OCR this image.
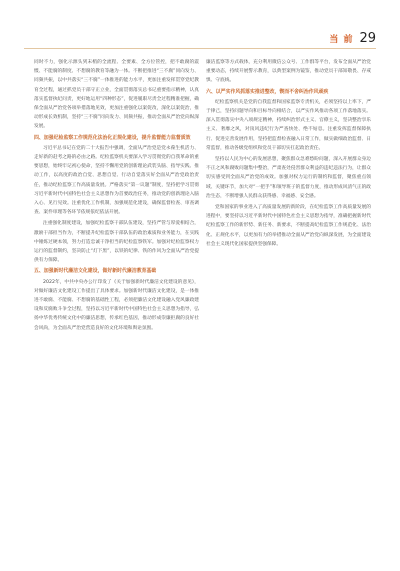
当 前 29

同时不力，强化示源头到末梢的全流程、全要素、全方位管控，把不敢腐的震慑、不能腐的制度、不想腐的教育等融为一体。不断把推进“三不腐”同向发力、同频共振，以中共落实“三不腐”一体推进的能力水平，更加注重发挥贯穿党纪教育全过程，通过抓党员干部守正立业，全面贯彻落实总书记重要指示精神，认真落实监督执纪问责，更好地运用“四种形态”，促进履职尽责全过程精准把握，确保全面从严治党各项举措落地见效，更加注重强化以案促改，深化以案促治，推动形成长效机制，坚持“三不腐”同向发力、同频共振，推动全面从严治党向纵深发展。

四、加强纪检监察工作规范化法治化正规化建设，提升监督能力监督质效

习近平总书记在党的二十大报告中强调，全面从严治党是党永葆生机活力、走好新的赶考之路的必由之路。纪检监察机关要深入学习贯彻党的自我革命的重要思想，始终牢记初心使命，坚持不懈用党的创新理论武装头脑、指导实践、推动工作，以高度的政治自觉、思想自觉、行动自觉落实好全面从严治党政治责任，推动纪检监察工作高质量发展。严格落实“第一议题”制度，坚持把学习贯彻习近平新时代中国特色社会主义思想作为首要政治任务，推动党的创新理论入脑入心、见行见效。注重优化工作机制，加强规范化建设，确保监督检查、审查调查、案件审理等各环节依规依纪依法开展。

注重强化制度建设，加强纪检监察干部队伍建设，坚持严管与厚爱相结合，激励干部担当作为，不断提升纪检监察干部队伍的政治素质和业务能力，在实践中锤炼过硬本领，努力打造忠诚干净担当的纪检监察铁军。加强对纪检监察权力运行的监督制约，坚决防止“灯下黑”，以铁的纪律、铁的作风为全面从严治党提供有力保障。

五、加强新时代廉洁文化建设，做好新时代廉洁教育基础

2022年，中共中央办公厅印发了《关于加强新时代廉洁文化建设的意见》，对做好廉洁文化建设工作提出了具体要求。加强新时代廉洁文化建设，是一体推进不敢腐、不能腐、不想腐的基础性工程，必须把廉洁文化建设融入党风廉政建设和反腐败斗争全过程，坚持以习近平新时代中国特色社会主义思想为指导，弘扬中华优秀传统文化中的廉洁思想，传承红色基因，推动形成崇廉拒腐的良好社会风尚，为全面从严治党营造良好的文化环境和舆论氛围。

廉洁监察等方式载体，充分利用微信公众号、工作群等平台，发布全面从严治党重要动态，持续开展警示教育，以典型案例为镜鉴，推动党员干部知敬畏、存戒惧、守底线。

六、以严实作风抓落实推进整改，锲而不舍纠治作风顽疾

纪检监察机关是党的自我监督和国家监察专责机关，必须坚持以上率下，严于律己，坚持问题导向和目标导向相结合，以严实作风推动各项工作落地落实。深入贯彻落实中央八项规定精神，持续纠治形式主义、官僚主义，坚决整治享乐主义、奢靡之风，对顶风违纪行为严查快处、绝不姑息。注重发挥监督保障执行、促进完善发展作用，坚持把监督检查融入日常工作，做实做细政治监督、日常监督，推动各级党组织和党员干部切实扛起政治责任。

坚持以人民为中心的发展思想，聚焦群众急难愁盼问题，深入开展群众身边不正之风和腐败问题集中整治，严肃查处侵害群众利益的违纪违法行为，让群众切实感受到全面从严治党的成效。加强对权力运行的制约和监督，聚焦重点领域、关键环节，加大对“一把手”和领导班子的监督力度，推动形成风清气正的政治生态，不断增强人民群众获得感、幸福感、安全感。

党和国家的事业进入了高质量发展的新阶段，在纪检监察工作高质量发展的进程中，要坚持以习近平新时代中国特色社会主义思想为指导，准确把握新时代纪检监察工作的新形势、新任务、新要求，不断提高纪检监察工作规范化、法治化、正规化水平，以更加有力的举措推动全面从严治党向纵深发展，为全面建设社会主义现代化国家提供坚强保障。
